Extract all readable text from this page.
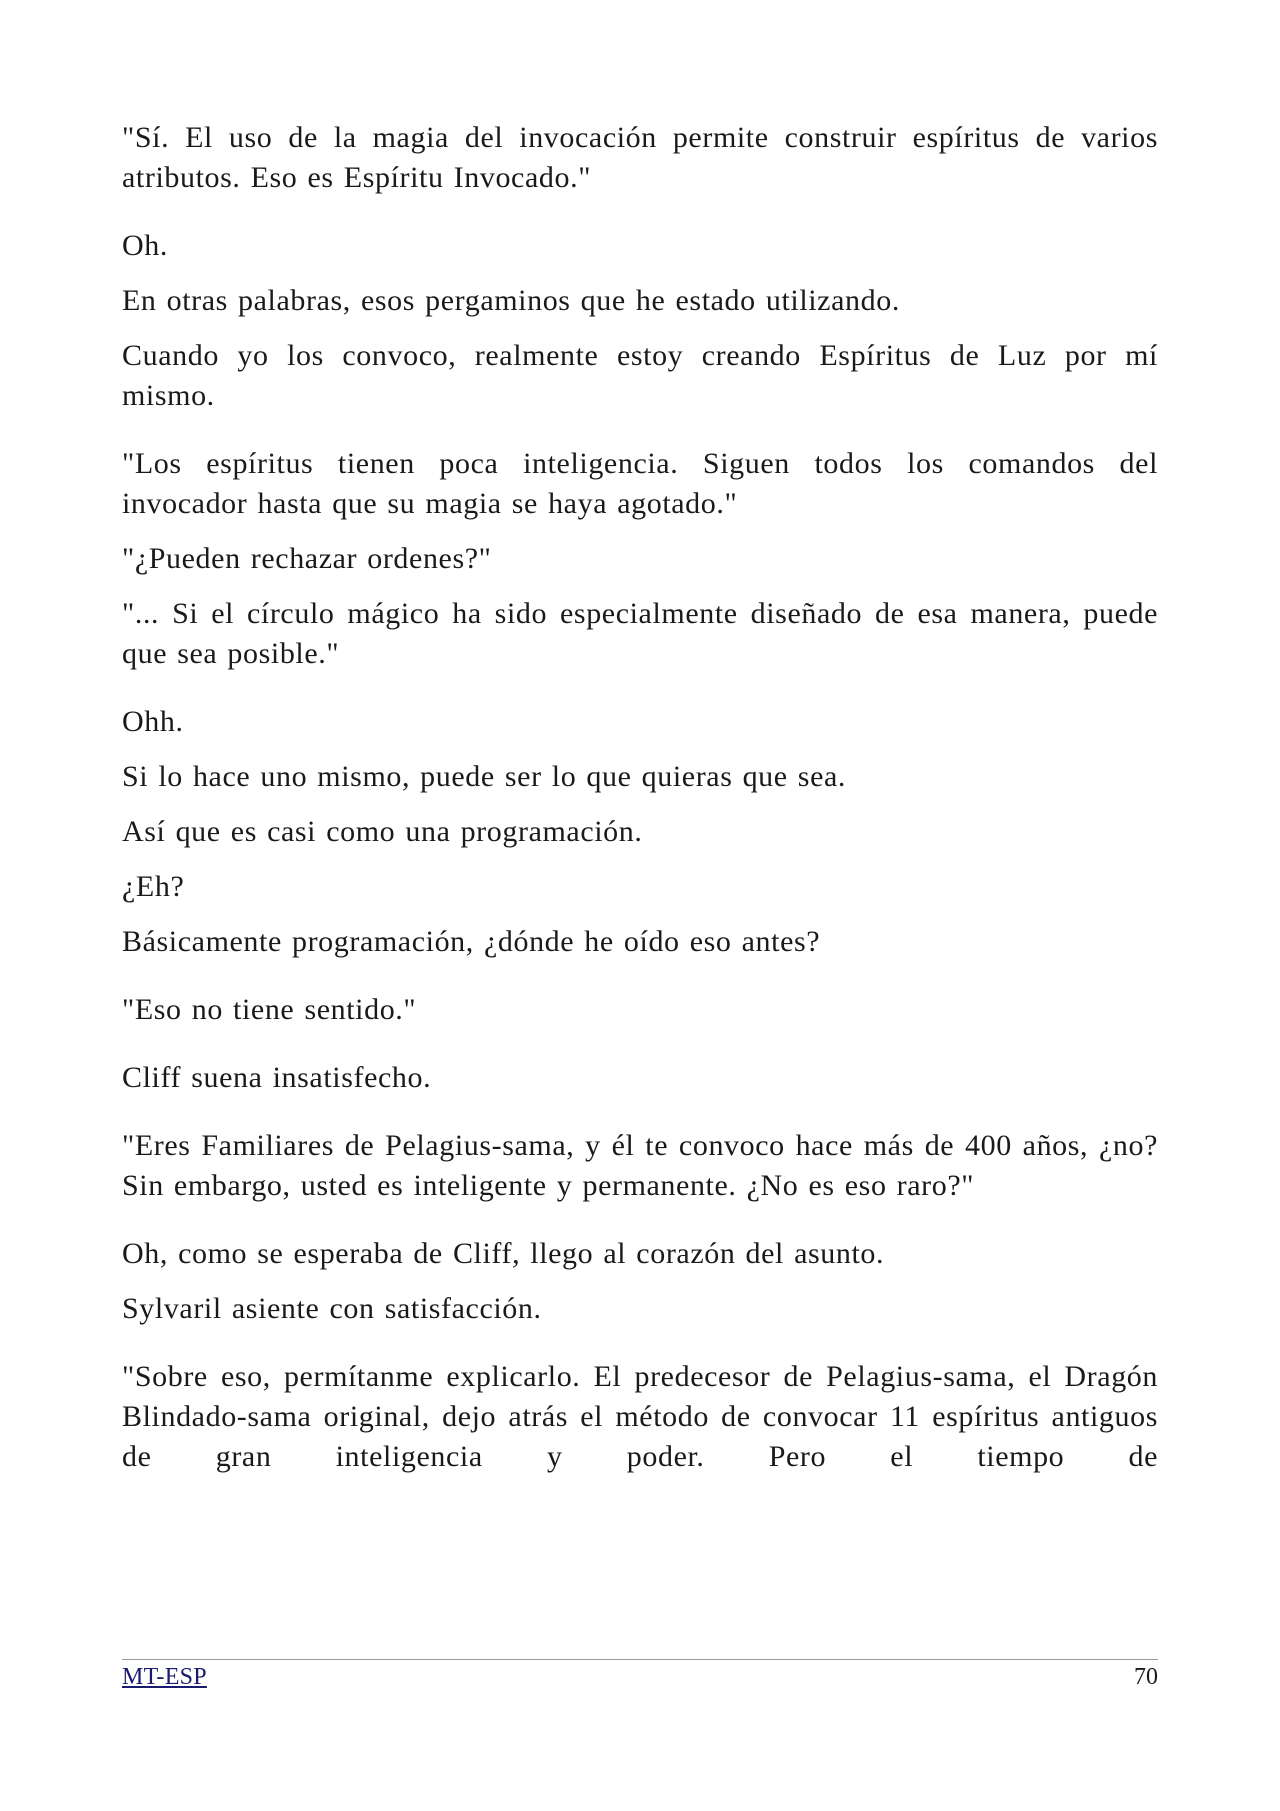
"Sí. El uso de la magia del invocación permite construir espíritus de varios atributos. Eso es Espíritu Invocado."

Oh.

En otras palabras, esos pergaminos que he estado utilizando.

Cuando yo los convoco, realmente estoy creando Espíritus de Luz por mí mismo.

"Los espíritus tienen poca inteligencia. Siguen todos los comandos del invocador hasta que su magia se haya agotado."

"¿Pueden rechazar ordenes?"

"... Si el círculo mágico ha sido especialmente diseñado de esa manera, puede que sea posible."

Ohh.

Si lo hace uno mismo, puede ser lo que quieras que sea.

Así que es casi como una programación.

¿Eh?

Básicamente programación, ¿dónde he oído eso antes?

"Eso no tiene sentido."

Cliff suena insatisfecho.

"Eres Familiares de Pelagius-sama, y él te convoco hace más de 400 años, ¿no? Sin embargo, usted es inteligente y permanente. ¿No es eso raro?"

Oh, como se esperaba de Cliff, llego al corazón del asunto.

Sylvaril asiente con satisfacción.

"Sobre eso, permítanme explicarlo. El predecesor de Pelagius-sama, el Dragón Blindado-sama original, dejo atrás el método de convocar 11 espíritus antiguos de gran inteligencia y poder. Pero el tiempo de

MT-ESP	70
